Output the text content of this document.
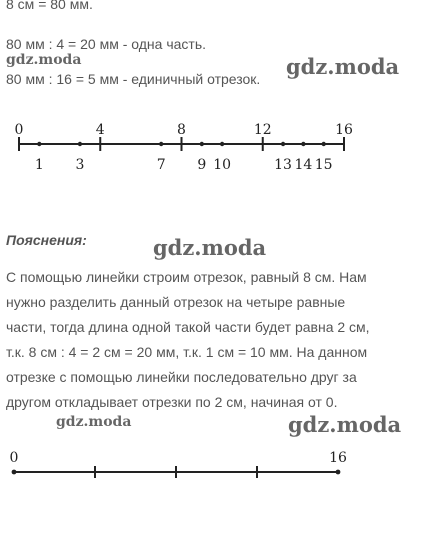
8 см = 80 мм.
80 мм : 4 = 20 мм - одна часть.
80 мм : 16 = 5 мм - единичный отрезок.
0	4	8	12	16
1 3	7 9 10	13 14 15
Пояснения:
С помощью линейки строим отрезок, равный 8 см. Нам
нужно разделить данный отрезок на четыре равные
части, тогда длина одной такой части будет равна 2 см,
т.к. 8 см : 4 = 2 см = 20 мм, т.к. 1 см = 10 мм. На данном
отрезке с помощью линейки последовательно друг за
другом откладывает отрезки по 2 см, начиная от 0.
0	16
gdz.moda	gdz.moda
gdz.moda
gdz.moda	gdz.moda
